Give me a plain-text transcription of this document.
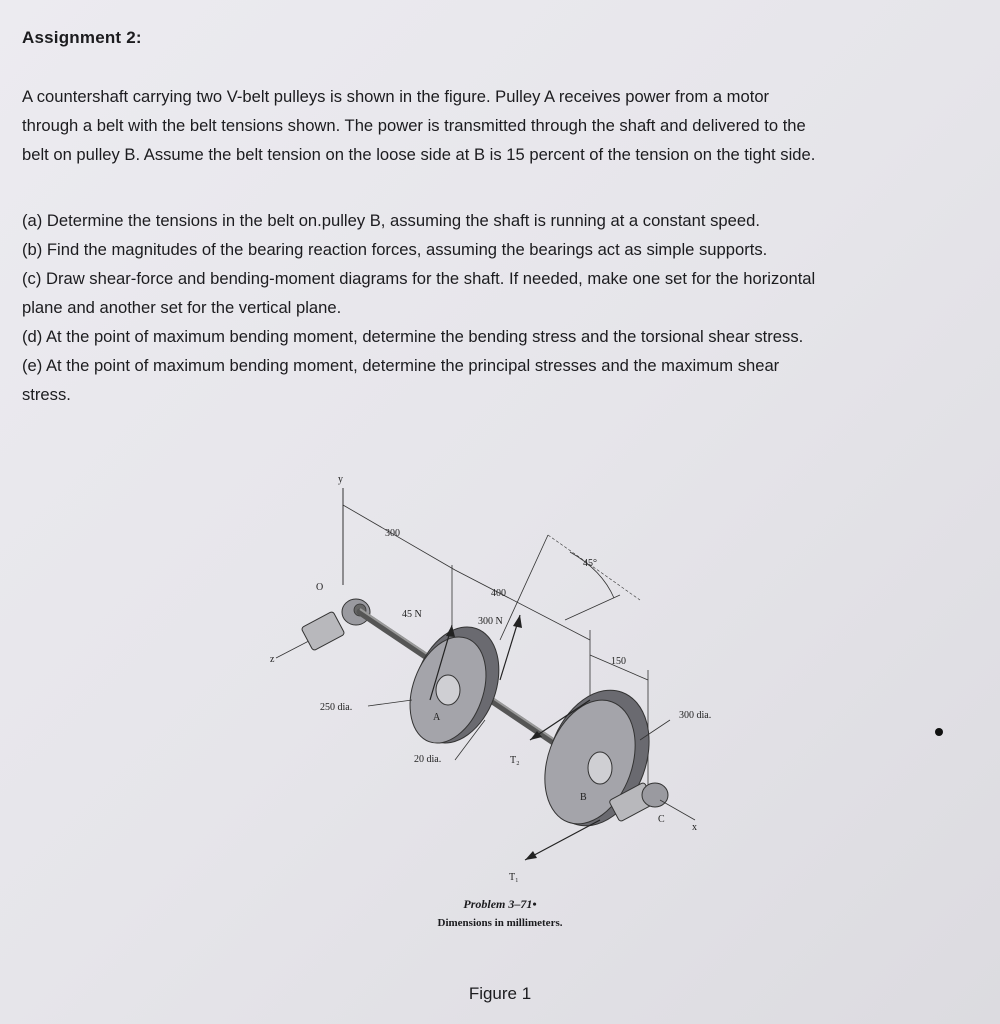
Assignment 2:

A countershaft carrying two V-belt pulleys is shown in the figure. Pulley A receives power from a motor

through a belt with the belt tensions shown. The power is transmitted through the shaft and delivered to the

belt on pulley B. Assume the belt tension on the loose side at B is 15 percent of the tension on the tight side.

(a) Determine the tensions in the belt on.pulley B, assuming the shaft is running at a constant speed.

(b) Find the magnitudes of the bearing reaction forces, assuming the bearings act as simple supports.

(c) Draw shear-force and bending-moment diagrams for the shaft. If needed, make one set for the horizontal

plane and another set for the vertical plane.

(d) At the point of maximum bending moment, determine the bending stress and the torsional shear stress.

(e) At the point of maximum bending moment, determine the principal stresses and the maximum shear

stress.

y
O
300
400
45°
150
z
A
45 N
300 N
250 dia.
20 dia.
B
300 dia.
T₂
T₁
C
x
Problem 3–71•
Dimensions in millimeters.
Figure 1
